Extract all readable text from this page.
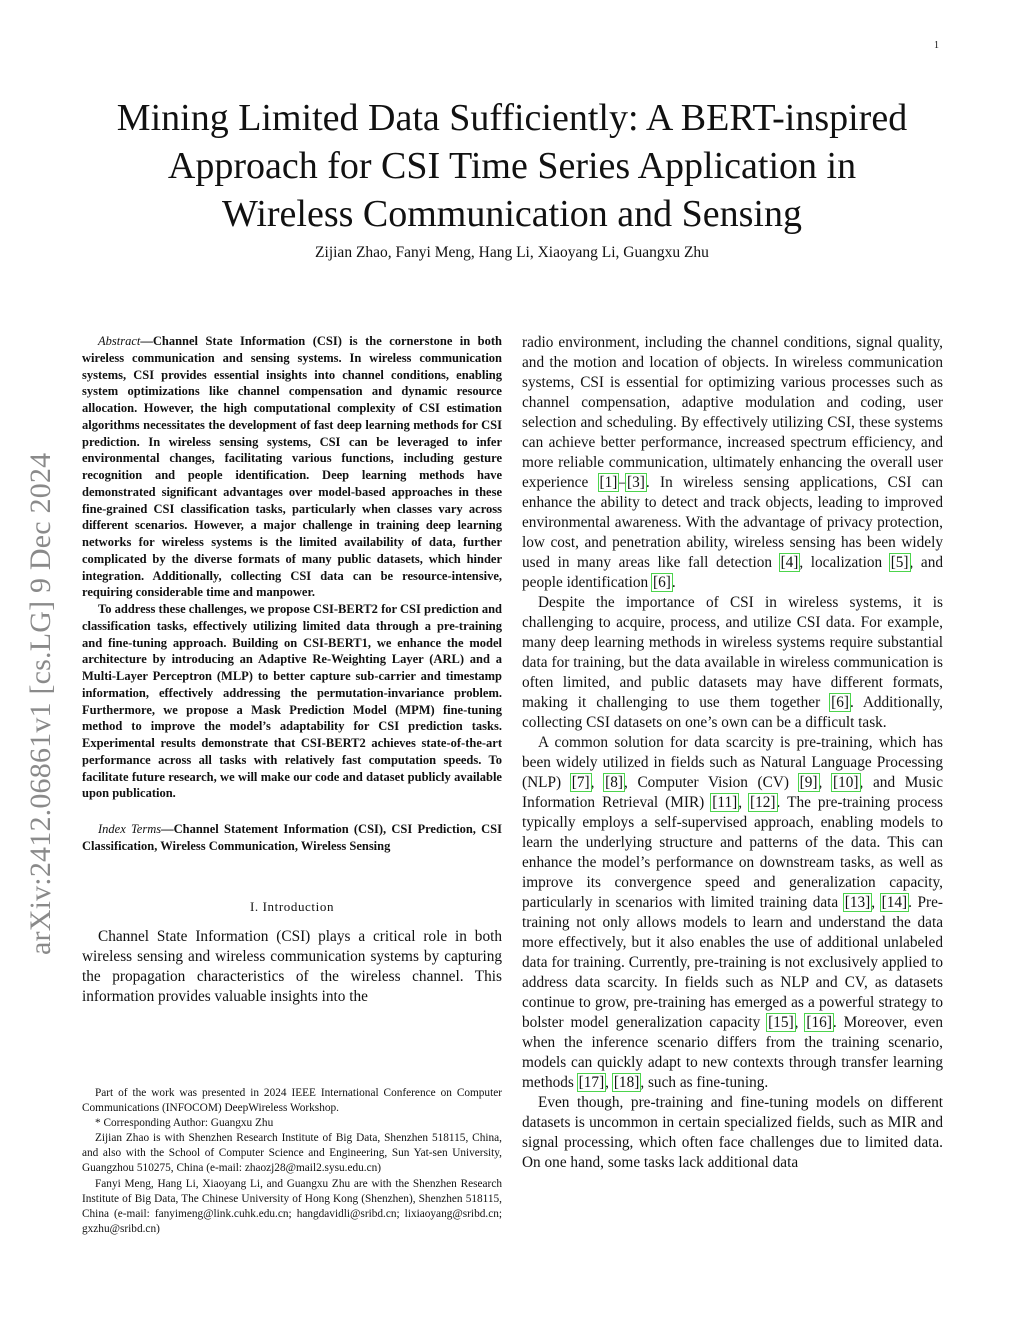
1
arXiv:2412.06861v1 [cs.LG] 9 Dec 2024
Mining Limited Data Sufficiently: A BERT-inspired
Approach for CSI Time Series Application in
Wireless Communication and Sensing
Zijian Zhao, Fanyi Meng, Hang Li, Xiaoyang Li, Guangxu Zhu

Abstract—Channel State Information (CSI) is the cornerstone in both wireless communication and sensing systems. In wireless communication systems, CSI provides essential insights into channel conditions, enabling system optimizations like channel compensation and dynamic resource allocation. However, the high computational complexity of CSI estimation algorithms necessitates the development of fast deep learning methods for CSI prediction. In wireless sensing systems, CSI can be leveraged to infer environmental changes, facilitating various functions, including gesture recognition and people identification. Deep learning methods have demonstrated significant advantages over model-based approaches in these fine-grained CSI classification tasks, particularly when classes vary across different scenarios. However, a major challenge in training deep learning networks for wireless systems is the limited availability of data, further complicated by the diverse formats of many public datasets, which hinder integration. Additionally, collecting CSI data can be resource-intensive, requiring considerable time and manpower.

To address these challenges, we propose CSI-BERT2 for CSI prediction and classification tasks, effectively utilizing limited data through a pre-training and fine-tuning approach. Building on CSI-BERT1, we enhance the model architecture by introducing an Adaptive Re-Weighting Layer (ARL) and a Multi-Layer Perceptron (MLP) to better capture sub-carrier and timestamp information, effectively addressing the permutation-invariance problem. Furthermore, we propose a Mask Prediction Model (MPM) fine-tuning method to improve the model’s adaptability for CSI prediction tasks. Experimental results demonstrate that CSI-BERT2 achieves state-of-the-art performance across all tasks with relatively fast computation speeds. To facilitate future research, we will make our code and dataset publicly available upon publication.

Index Terms—Channel Statement Information (CSI), CSI Prediction, CSI Classification, Wireless Communication, Wireless Sensing
I. Introduction

Channel State Information (CSI) plays a critical role in both wireless sensing and wireless communication systems by capturing the propagation characteristics of the wireless channel. This information provides valuable insights into the

Part of the work was presented in 2024 IEEE International Conference on Computer Communications (INFOCOM) DeepWireless Workshop.

* Corresponding Author: Guangxu Zhu

Zijian Zhao is with Shenzhen Research Institute of Big Data, Shenzhen 518115, China, and also with the School of Computer Science and Engineering, Sun Yat-sen University, Guangzhou 510275, China (e-mail: zhaozj28@mail2.sysu.edu.cn)

Fanyi Meng, Hang Li, Xiaoyang Li, and Guangxu Zhu are with the Shenzhen Research Institute of Big Data, The Chinese University of Hong Kong (Shenzhen), Shenzhen 518115, China (e-mail: fanyimeng@link.cuhk.edu.cn; hangdavidli@sribd.cn; lixiaoyang@sribd.cn; gxzhu@sribd.cn)

radio environment, including the channel conditions, signal quality, and the motion and location of objects. In wireless communication systems, CSI is essential for optimizing various processes such as channel compensation, adaptive modulation and coding, user selection and scheduling. By effectively utilizing CSI, these systems can achieve better performance, increased spectrum efficiency, and more reliable communication, ultimately enhancing the overall user experience [1]–[3]. In wireless sensing applications, CSI can enhance the ability to detect and track objects, leading to improved environmental awareness. With the advantage of privacy protection, low cost, and penetration ability, wireless sensing has been widely used in many areas like fall detection [4], localization [5], and people identification [6].

Despite the importance of CSI in wireless systems, it is challenging to acquire, process, and utilize CSI data. For example, many deep learning methods in wireless systems require substantial data for training, but the data available in wireless communication is often limited, and public datasets may have different formats, making it challenging to use them together [6]. Additionally, collecting CSI datasets on one’s own can be a difficult task.

A common solution for data scarcity is pre-training, which has been widely utilized in fields such as Natural Language Processing (NLP) [7], [8], Computer Vision (CV) [9], [10], and Music Information Retrieval (MIR) [11], [12]. The pre-training process typically employs a self-supervised approach, enabling models to learn the underlying structure and patterns of the data. This can enhance the model’s performance on downstream tasks, as well as improve its convergence speed and generalization capacity, particularly in scenarios with limited training data [13], [14]. Pre-training not only allows models to learn and understand the data more effectively, but it also enables the use of additional unlabeled data for training. Currently, pre-training is not exclusively applied to address data scarcity. In fields such as NLP and CV, as datasets continue to grow, pre-training has emerged as a powerful strategy to bolster model generalization capacity [15], [16]. Moreover, even when the inference scenario differs from the training scenario, models can quickly adapt to new contexts through transfer learning methods [17], [18], such as fine-tuning.

Even though, pre-training and fine-tuning models on different datasets is uncommon in certain specialized fields, such as MIR and signal processing, which often face challenges due to limited data. On one hand, some tasks lack additional data
